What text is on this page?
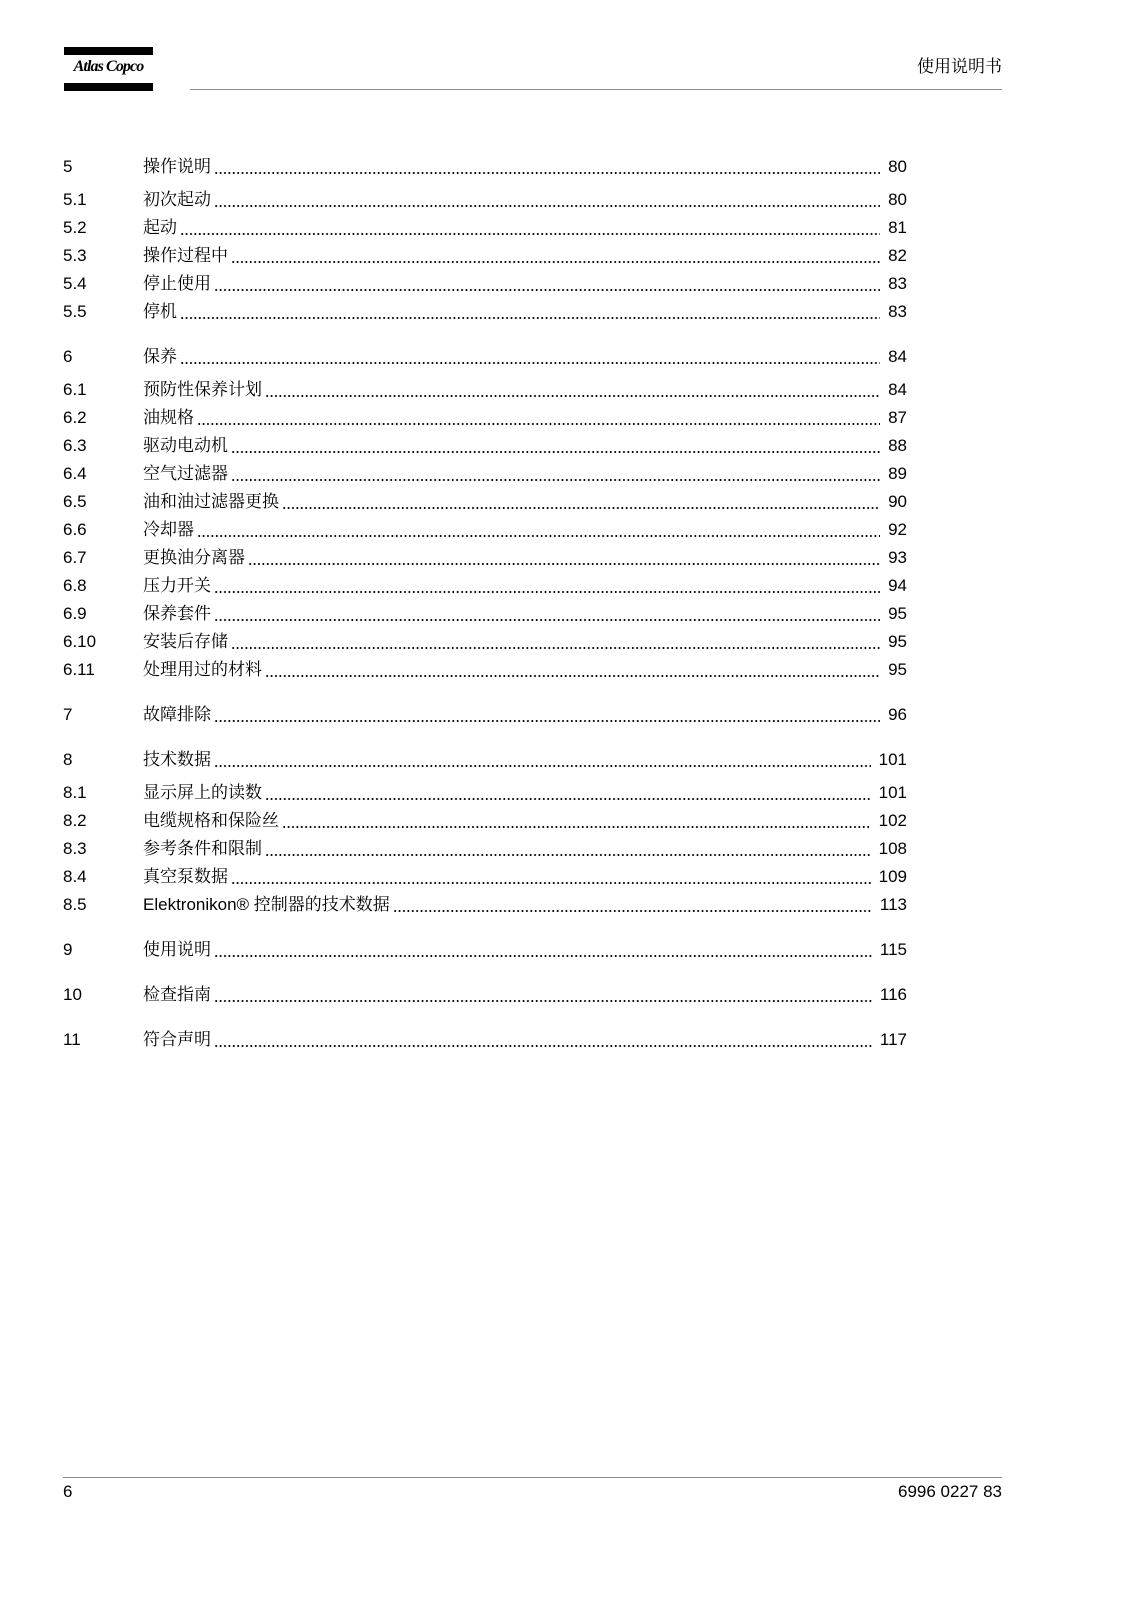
Atlas Copco	使用说明书
5	操作说明	80
5.1	初次起动	80
5.2	起动	81
5.3	操作过程中	82
5.4	停止使用	83
5.5	停机	83
6	保养	84
6.1	预防性保养计划	84
6.2	油规格	87
6.3	驱动电动机	88
6.4	空气过滤器	89
6.5	油和油过滤器更换	90
6.6	冷却器	92
6.7	更换油分离器	93
6.8	压力开关	94
6.9	保养套件	95
6.10	安装后存储	95
6.11	处理用过的材料	95
7	故障排除	96
8	技术数据	101
8.1	显示屏上的读数	101
8.2	电缆规格和保险丝	102
8.3	参考条件和限制	108
8.4	真空泵数据	109
8.5	Elektronikon® 控制器的技术数据	113
9	使用说明	115
10	检查指南	116
11	符合声明	117
6	6996 0227 83
